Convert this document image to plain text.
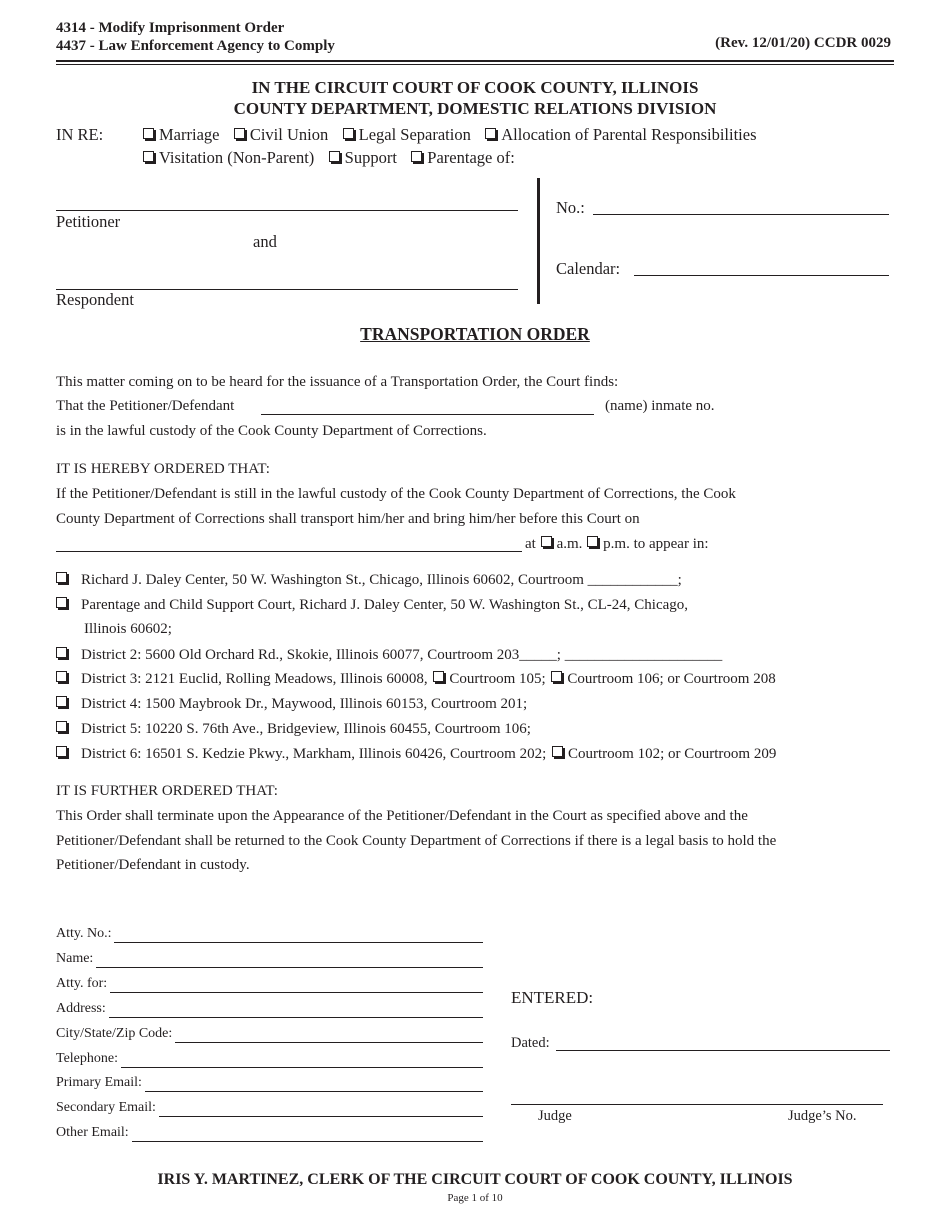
4314 - Modify Imprisonment Order
4437 - Law Enforcement Agency to Comply	(Rev. 12/01/20) CCDR 0029
IN THE CIRCUIT COURT OF COOK COUNTY, ILLINOIS
COUNTY DEPARTMENT, DOMESTIC RELATIONS DIVISION
IN RE:	Marriage Civil Union Legal Separation Allocation of Parental Responsibilities
Visitation (Non-Parent) Support Parentage of:
Petitioner
and
Respondent
No.:
Calendar:
TRANSPORTATION ORDER
This matter coming on to be heard for the issuance of a Transportation Order, the Court finds:
That the Petitioner/Defendant	(name) inmate no.
is in the lawful custody of the Cook County Department of Corrections.
IT IS HEREBY ORDERED THAT:
If the Petitioner/Defendant is still in the lawful custody of the Cook County Department of Corrections, the Cook
County Department of Corrections shall transport him/her and bring him/her before this Court on
at a.m. p.m. to appear in:
Richard J. Daley Center, 50 W. Washington St., Chicago, Illinois 60602, Courtroom ____________;
Parentage and Child Support Court, Richard J. Daley Center, 50 W. Washington St., CL-24, Chicago,
Illinois 60602;
District 2: 5600 Old Orchard Rd., Skokie, Illinois 60077, Courtroom 203_____; _____________________
District 3: 2121 Euclid, Rolling Meadows, Illinois 60008, Courtroom 105; Courtroom 106; or Courtroom 208
District 4: 1500 Maybrook Dr., Maywood, Illinois 60153, Courtroom 201;
District 5: 10220 S. 76th Ave., Bridgeview, Illinois 60455, Courtroom 106;
District 6: 16501 S. Kedzie Pkwy., Markham, Illinois 60426, Courtroom 202; Courtroom 102; or Courtroom 209
IT IS FURTHER ORDERED THAT:
This Order shall terminate upon the Appearance of the Petitioner/Defendant in the Court as specified above and the
Petitioner/Defendant shall be returned to the Cook County Department of Corrections if there is a legal basis to hold the
Petitioner/Defendant in custody.
Atty. No.:
Name:
Atty. for:
Address:
City/State/Zip Code:
Telephone:
Primary Email:
Secondary Email:
Other Email:
ENTERED:
Dated:
Judge	Judge’s No.
IRIS Y. MARTINEZ, CLERK OF THE CIRCUIT COURT OF COOK COUNTY, ILLINOIS
Page 1 of 10
